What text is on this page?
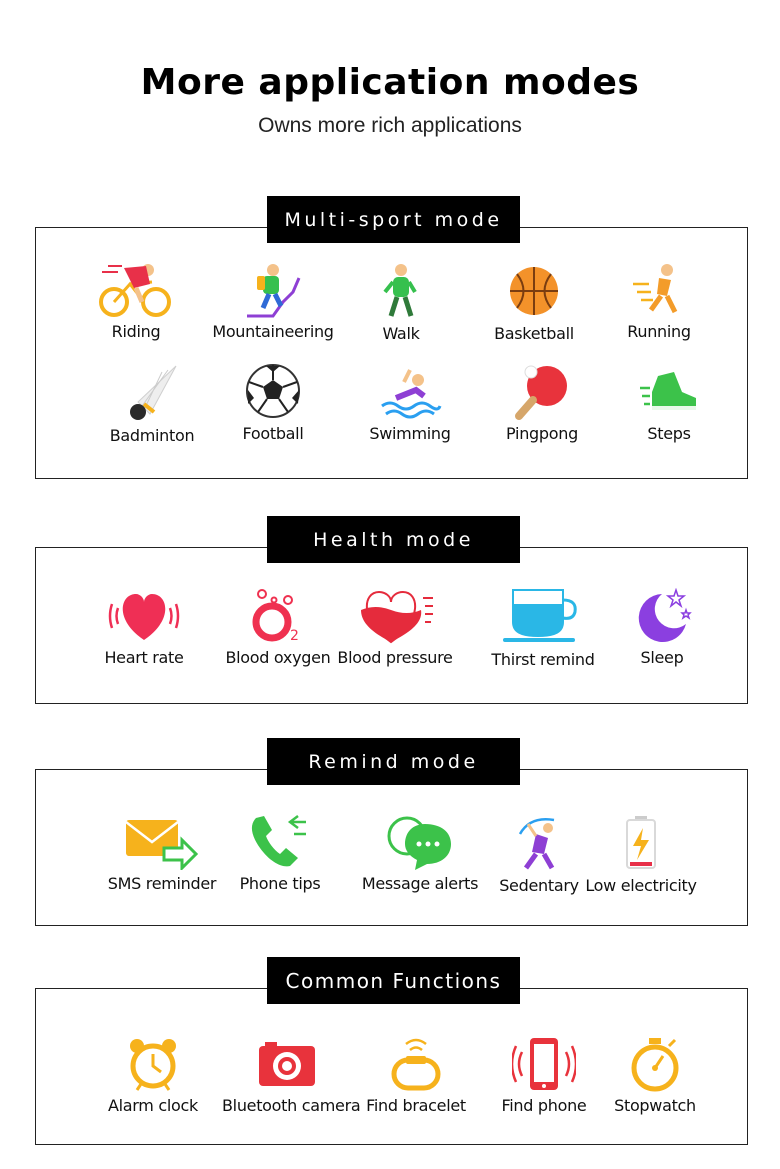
More application modes
Owns more rich applications
Multi-sport mode
Riding	Mountaineering	Walk	Basketball	Running
Badminton	Football	Swimming	Pingpong	Steps
Health mode
Heart rate
2
Blood oxygen Blood pressure	Thirst remind	Sleep
Remind mode
SMS reminder	Phone tips	Message alerts	Sedentary Low electricity
Common Functions
Alarm clock	Bluetooth camera Find bracelet	Find phone	Stopwatch
